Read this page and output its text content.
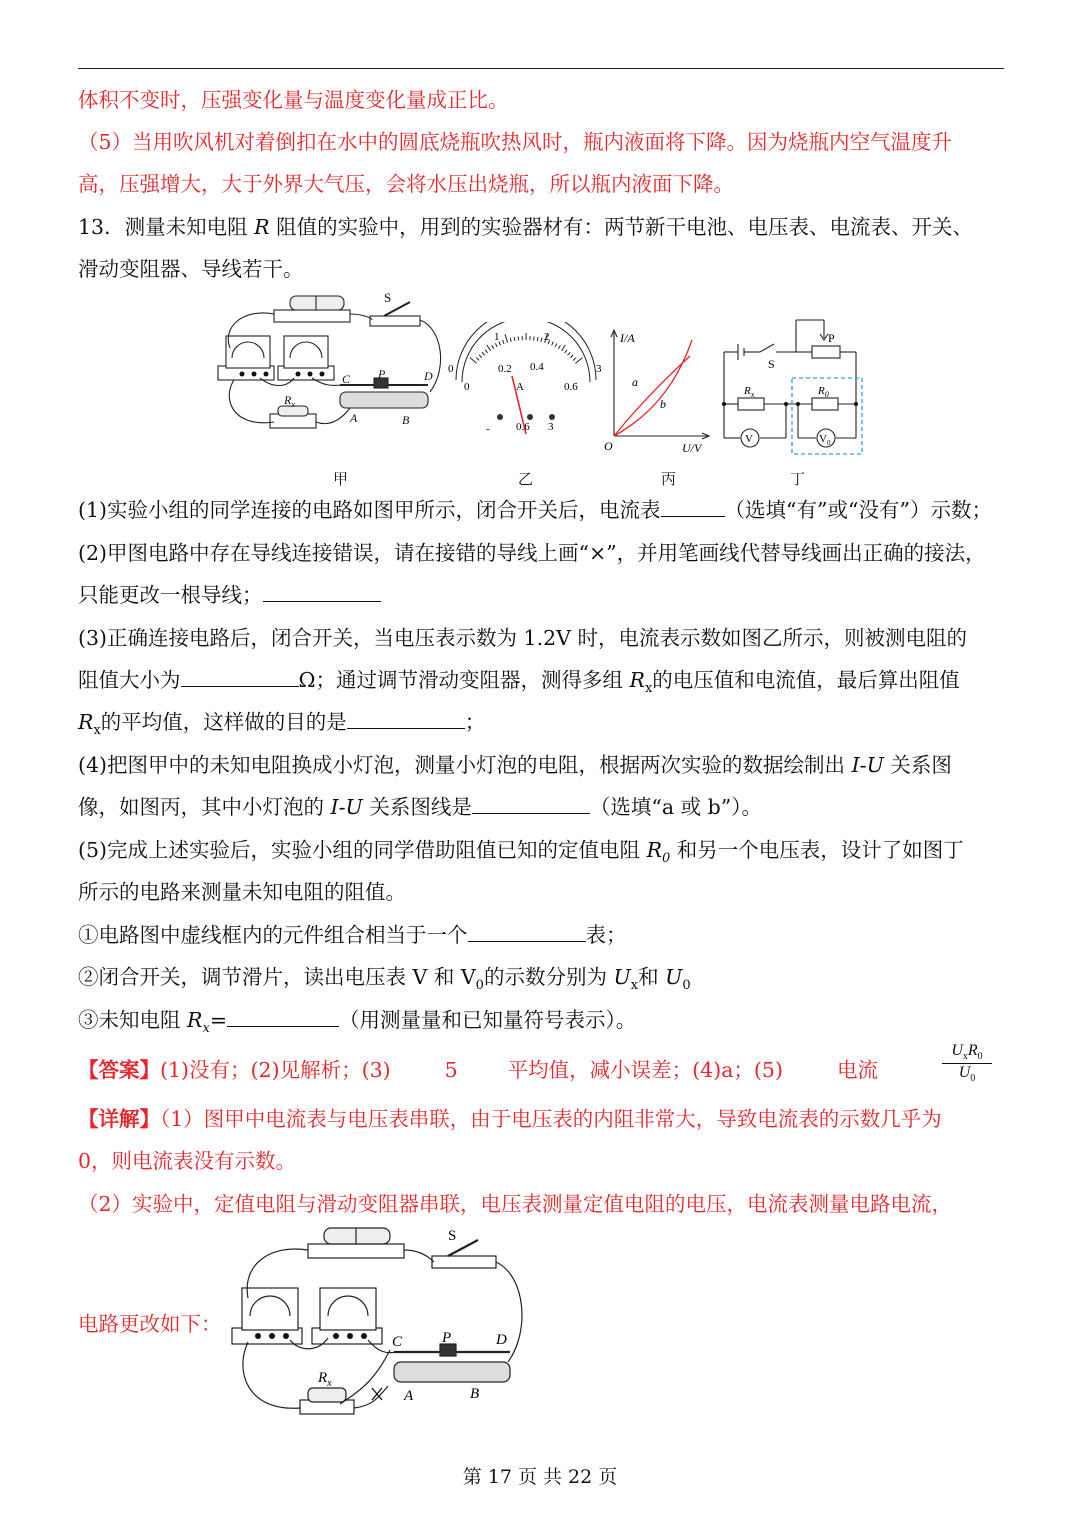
体积不变时，压强变化量与温度变化量成正比。
（5）当用吹风机对着倒扣在水中的圆底烧瓶吹热风时，瓶内液面将下降。因为烧瓶内空气温度升
高，压强增大，大于外界大气压，会将水压出烧瓶，所以瓶内液面下降。
13．测量未知电阻 R 阻值的实验中，用到的实验器材有：两节新干电池、电压表、电流表、开关、
滑动变阻器、导线若干。
S
P
C	D
A	B
$R_x$
甲
0
1	2
3
0
0.2 0.4
0.6
A
- 0.6 3
乙
I/A
U/V
O
a
b
丙
P
S
$R_x$	$R_0$
V	$V_0$
丁
(1)实验小组的同学连接的电路如图甲所示，闭合开关后，电流表	（选填“有”或“没有”）示数；
(2)甲图电路中存在导线连接错误，请在接错的导线上画“×”，并用笔画线代替导线画出正确的接法，
只能更改一根导线；
(3)正确连接电路后，闭合开关，当电压表示数为 1.2V 时，电流表示数如图乙所示，则被测电阻的
阻值大小为	Ω；通过调节滑动变阻器，测得多组 $R_x$的电压值和电流值，最后算出阻值
$R_x$的平均值，这样做的目的是	；
(4)把图甲中的未知电阻换成小灯泡，测量小灯泡的电阻，根据两次实验的数据绘制出 I-U 关系图
像，如图丙，其中小灯泡的 I-U 关系图线是	（选填“a 或 b”）。
(5)完成上述实验后，实验小组的同学借助阻值已知的定值电阻 $R_0$ 和另一个电压表，设计了如图丁
所示的电路来测量未知电阻的阻值。
①电路图中虚线框内的元件组合相当于一个	表；
②闭合开关，调节滑片，读出电压表 V 和 $V_0$的示数分别为 $U_x$和 $U_0$
③未知电阻 $R_x=$	（用测量量和已知量符号表示）。
【答案】(1)没有；(2)见解析；(3)	5 平均值，减小误差；(4)a；(5)	电流
$U_xR_0$
$U_0$
【详解】（1）图甲中电流表与电压表串联，由于电压表的内阻非常大，导致电流表的示数几乎为
0，则电流表没有示数。
（2）实验中，定值电阻与滑动变阻器串联，电压表测量定值电阻的电压，电流表测量电路电流，
电路更改如下：
S
P
C	D
A	B
$R_x$
第 17 页 共 22 页
